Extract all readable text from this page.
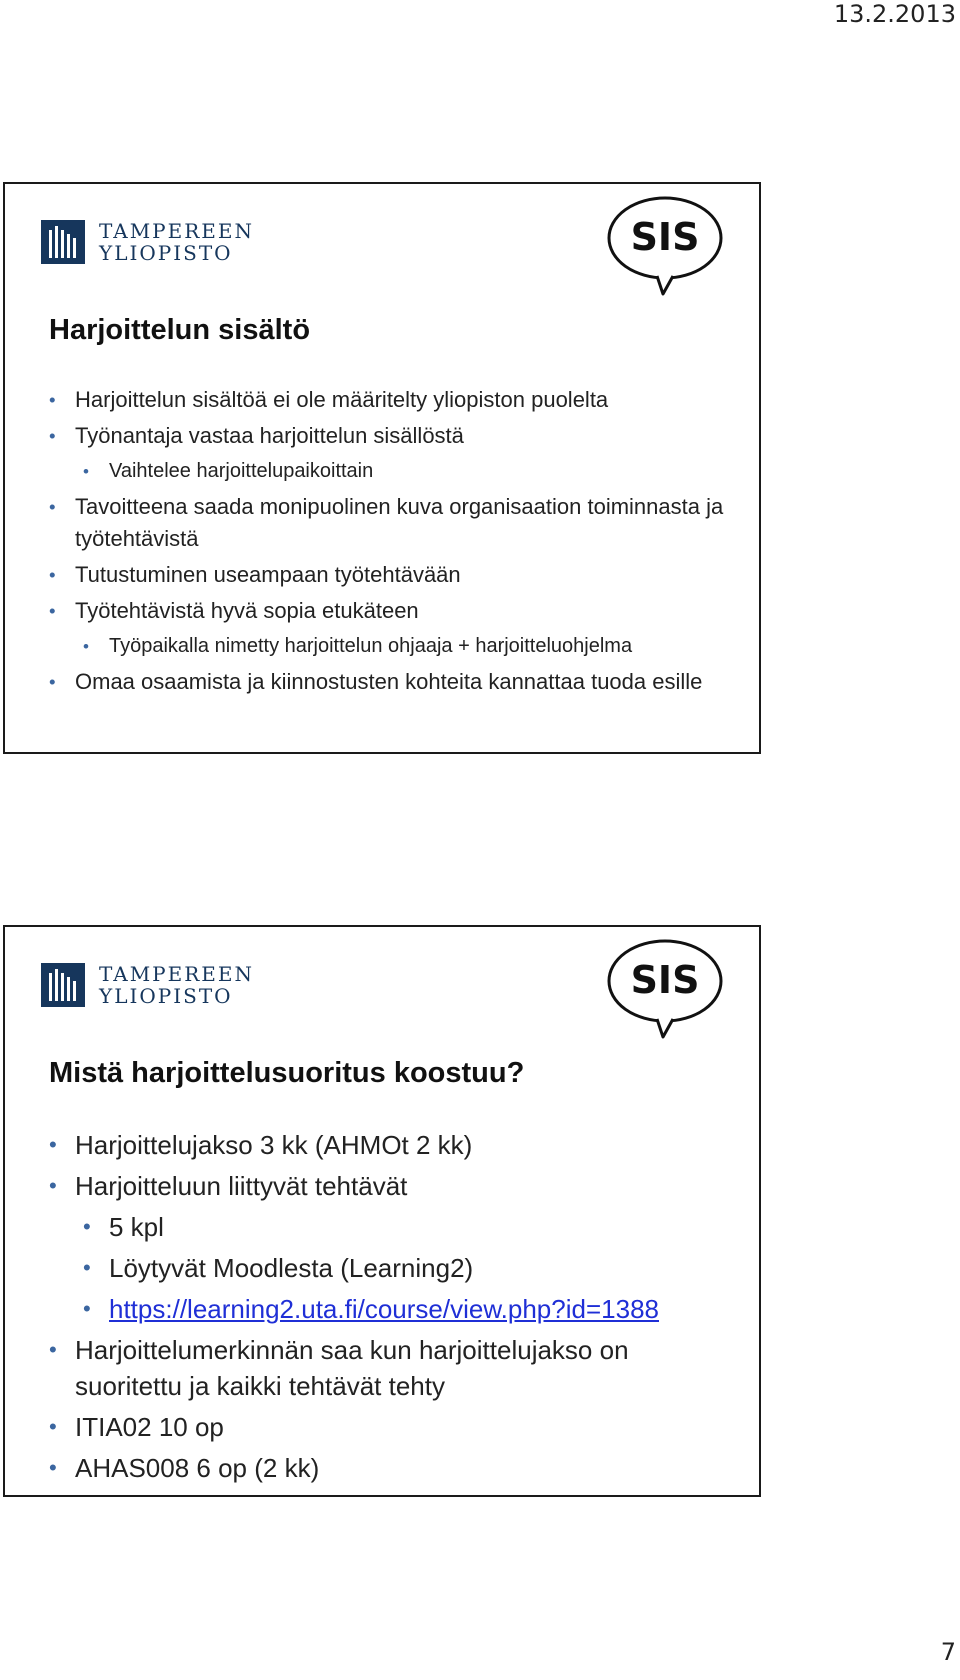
13.2.2013
TAMPEREEN
YLIOPISTO	SIS
Harjoittelun sisältö
• Harjoittelun sisältöä ei ole määritelty yliopiston puolelta
• Työnantaja vastaa harjoittelun sisällöstä
• Vaihtelee harjoittelupaikoittain
• Tavoitteena saada monipuolinen kuva organisaation toiminnasta ja työtehtävistä
• Tutustuminen useampaan työtehtävään
• Työtehtävistä hyvä sopia etukäteen
• Työpaikalla nimetty harjoittelun ohjaaja + harjoitteluohjelma
• Omaa osaamista ja kiinnostusten kohteita kannattaa tuoda esille
TAMPEREEN
YLIOPISTO	SIS
Mistä harjoittelusuoritus koostuu?
• Harjoittelujakso 3 kk (AHMOt 2 kk)
• Harjoitteluun liittyvät tehtävät
• 5 kpl
• Löytyvät Moodlesta (Learning2)
• https://learning2.uta.fi/course/view.php?id=1388
• Harjoittelumerkinnän saa kun harjoittelujakso on suoritettu ja kaikki tehtävät tehty
• ITIA02 10 op
• AHAS008 6 op (2 kk)
7
